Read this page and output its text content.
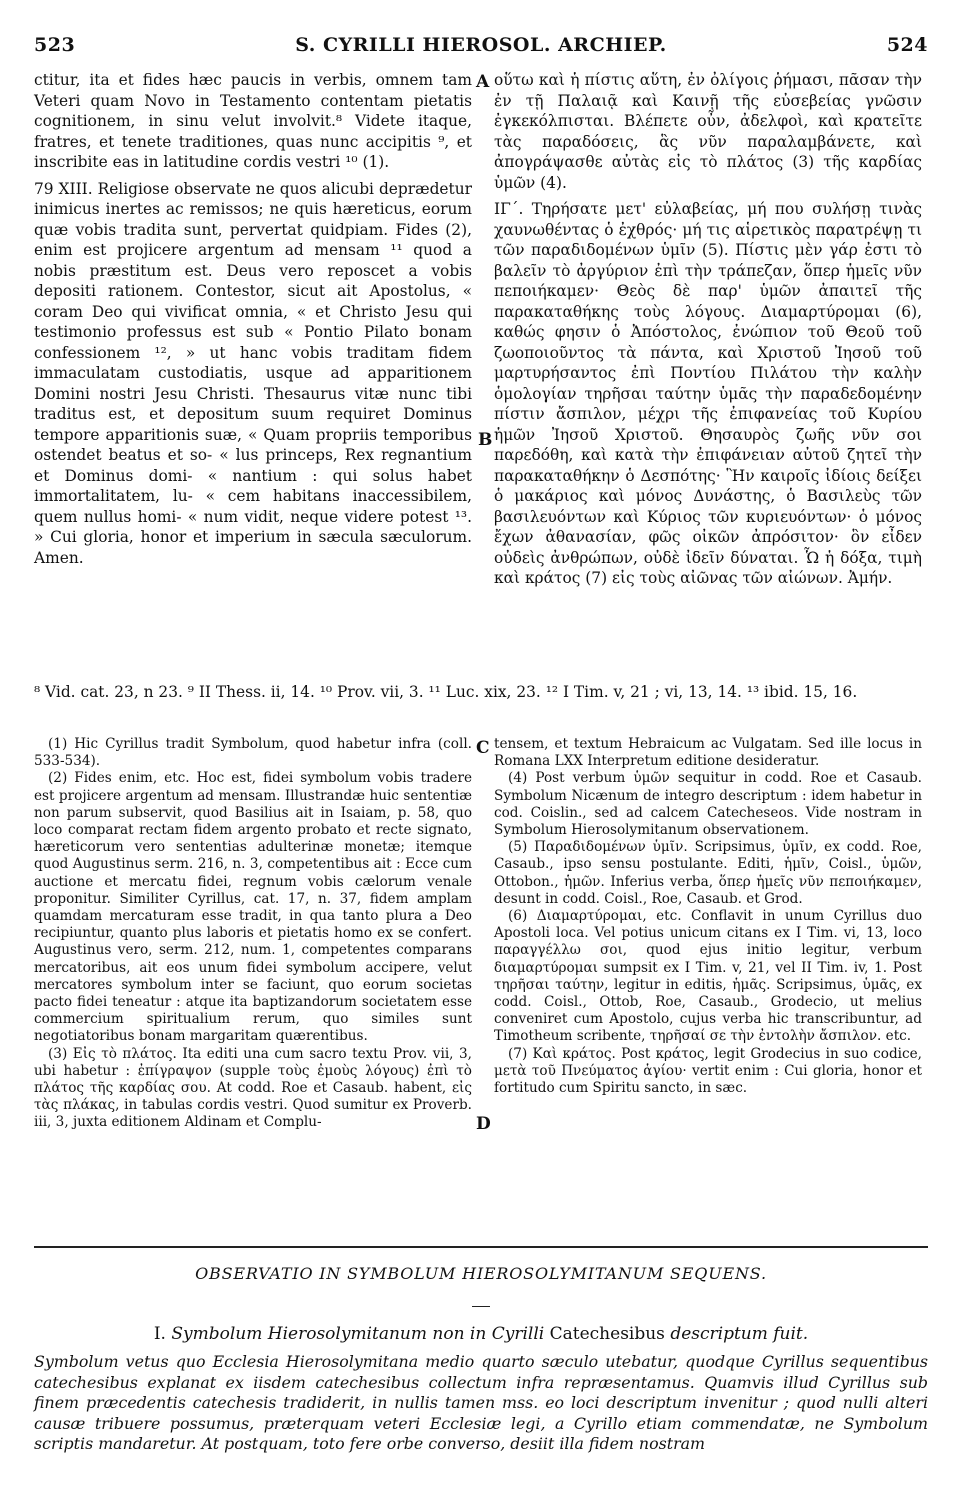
523	S. CYRILLI HIEROSOL. ARCHIEP.	524

ctitur, ita et fides hæc paucis in verbis, omnem tam Veteri quam Novo in Testamento contentam pietatis cognitionem, in sinu velut involvit.⁸ Videte itaque, fratres, et tenete traditiones, quas nunc accipitis ⁹, et inscribite eas in latitudine cordis vestri ¹⁰ (1).

79 XIII. Religiose observate ne quos alicubi deprædetur inimicus inertes ac remissos; ne quis hæreticus, eorum quæ vobis tradita sunt, pervertat quidpiam. Fides (2), enim est projicere argentum ad mensam ¹¹ quod a nobis præstitum est. Deus vero reposcet a vobis depositi rationem. Contestor, sicut ait Apostolus, « coram Deo qui vivificat omnia, « et Christo Jesu qui testimonio professus est sub « Pontio Pilato bonam confessionem ¹², » ut hanc vobis traditam fidem immaculatam custodiatis, usque ad apparitionem Domini nostri Jesu Christi. Thesaurus vitæ nunc tibi traditus est, et depositum suum requiret Dominus tempore apparitionis suæ, « Quam propriis temporibus ostendet beatus et so- « lus princeps, Rex regnantium et Dominus domi- « nantium : qui solus habet immortalitatem, lu- « cem habitans inaccessibilem, quem nullus homi- « num vidit, neque videre potest ¹³. » Cui gloria, honor et imperium in sæcula sæculorum. Amen.

οὕτω καὶ ἡ πίστις αὕτη, ἐν ὀλίγοις ῥήμασι, πᾶσαν τὴν ἐν τῇ Παλαιᾷ καὶ Καινῇ τῆς εὐσεβείας γνῶσιν ἐγκεκόλπισται. Βλέπετε οὖν, ἀδελφοὶ, καὶ κρατεῖτε τὰς παραδόσεις, ἃς νῦν παραλαμβάνετε, καὶ ἀπογράψασθε αὐτὰς εἰς τὸ πλάτος (3) τῆς καρδίας ὑμῶν (4).

ΙΓ΄. Τηρήσατε μετ' εὐλαβείας, μή που συλήσῃ τινὰς χαυνωθέντας ὁ ἐχθρός· μή τις αἱρετικὸς παρατρέψῃ τι τῶν παραδιδομένων ὑμῖν (5). Πίστις μὲν γάρ ἐστι τὸ βαλεῖν τὸ ἀργύριον ἐπὶ τὴν τράπεζαν, ὅπερ ἡμεῖς νῦν πεποιήκαμεν· Θεὸς δὲ παρ' ὑμῶν ἀπαιτεῖ τῆς παρακαταθήκης τοὺς λόγους. Διαμαρτύρομαι (6), καθώς φησιν ὁ Ἀπόστολος, ἐνώπιον τοῦ Θεοῦ τοῦ ζωοποιοῦντος τὰ πάντα, καὶ Χριστοῦ Ἰησοῦ τοῦ μαρτυρήσαντος ἐπὶ Ποντίου Πιλάτου τὴν καλὴν ὁμολογίαν τηρῆσαι ταύτην ὑμᾶς τὴν παραδεδομένην πίστιν ἄσπιλον, μέχρι τῆς ἐπιφανείας τοῦ Κυρίου ἡμῶν Ἰησοῦ Χριστοῦ. Θησαυρὸς ζωῆς νῦν σοι παρεδόθη, καὶ κατὰ τὴν ἐπιφάνειαν αὐτοῦ ζητεῖ τὴν παρακαταθήκην ὁ Δεσπότης· Ἣν καιροῖς ἰδίοις δείξει ὁ μακάριος καὶ μόνος Δυνάστης, ὁ Βασιλεὺς τῶν βασιλευόντων καὶ Κύριος τῶν κυριευόντων· ὁ μόνος ἔχων ἀθανασίαν, φῶς οἰκῶν ἀπρόσιτον· ὃν εἶδεν οὐδεὶς ἀνθρώπων, οὐδὲ ἰδεῖν δύναται. Ὧ ἡ δόξα, τιμὴ καὶ κράτος (7) εἰς τοὺς αἰῶνας τῶν αἰώνων. Ἀμήν.

A
B
C
D

⁸ Vid. cat. 23, n 23. ⁹ II Thess. ii, 14. ¹⁰ Prov. vii, 3. ¹¹ Luc. xix, 23. ¹² I Tim. v, 21 ; vi, 13, 14. ¹³ ibid. 15, 16.

(1) Hic Cyrillus tradit Symbolum, quod habetur infra (coll. 533-534).

(2) Fides enim, etc. Hoc est, fidei symbolum vobis tradere est projicere argentum ad mensam. Illustrandæ huic sententiæ non parum subservit, quod Basilius ait in Isaiam, p. 58, quo loco comparat rectam fidem argento probato et recte signato, hæreticorum vero sententias adulterinæ monetæ; itemque quod Augustinus serm. 216, n. 3, competentibus ait : Ecce cum auctione et mercatu fidei, regnum vobis cælorum venale proponitur. Similiter Cyrillus, cat. 17, n. 37, fidem amplam quamdam mercaturam esse tradit, in qua tanto plura a Deo recipiuntur, quanto plus laboris et pietatis homo ex se confert. Augustinus vero, serm. 212, num. 1, competentes comparans mercatoribus, ait eos unum fidei symbolum accipere, velut mercatores symbolum inter se faciunt, quo eorum societas pacto fidei teneatur : atque ita baptizandorum societatem esse commercium spiritualium rerum, quo similes sunt negotiatoribus bonam margaritam quærentibus.

(3) Εἰς τὸ πλάτος. Ita editi una cum sacro textu Prov. vii, 3, ubi habetur : ἐπίγραψον (supple τοὺς ἐμοὺς λόγους) ἐπὶ τὸ πλάτος τῆς καρδίας σου. At codd. Roe et Casaub. habent, εἰς τὰς πλάκας, in tabulas cordis vestri. Quod sumitur ex Proverb. iii, 3, juxta editionem Aldinam et Complu-

tensem, et textum Hebraicum ac Vulgatam. Sed ille locus in Romana LXX Interpretum editione desideratur.

(4) Post verbum ὑμῶν sequitur in codd. Roe et Casaub. Symbolum Nicænum de integro descriptum : idem habetur in cod. Coislin., sed ad calcem Catecheseos. Vide nostram in Symbolum Hierosolymitanum observationem.

(5) Παραδιδομένων ὑμῖν. Scripsimus, ὑμῖν, ex codd. Roe, Casaub., ipso sensu postulante. Editi, ἡμῖν, Coisl., ὑμῶν, Ottobon., ἡμῶν. Inferius verba, ὅπερ ἡμεῖς νῦν πεποιήκαμεν, desunt in codd. Coisl., Roe, Casaub. et Grod.

(6) Διαμαρτύρομαι, etc. Conflavit in unum Cyrillus duo Apostoli loca. Vel potius unicum citans ex I Tim. vi, 13, loco παραγγέλλω σοι, quod ejus initio legitur, verbum διαμαρτύρομαι sumpsit ex I Tim. v, 21, vel II Tim. iv, 1. Post τηρῆσαι ταύτην, legitur in editis, ἡμᾶς. Scripsimus, ὑμᾶς, ex codd. Coisl., Ottob, Roe, Casaub., Grodecio, ut melius conveniret cum Apostolo, cujus verba hic transcribuntur, ad Timotheum scribente, τηρῆσαί σε τὴν ἐντολὴν ἄσπιλον. etc.

(7) Καὶ κράτος. Post κράτος, legit Grodecius in suo codice, μετὰ τοῦ Πνεύματος ἁγίου· vertit enim : Cui gloria, honor et fortitudo cum Spiritu sancto, in sæc.

OBSERVATIO IN SYMBOLUM HIEROSOLYMITANUM SEQUENS.
I. Symbolum Hierosolymitanum non in Cyrilli Catechesibus descriptum fuit.

Symbolum vetus quo Ecclesia Hierosolymitana medio quarto sæculo utebatur, quodque Cyrillus sequentibus catechesibus explanat ex iisdem catechesibus collectum infra repræsentamus. Quamvis illud Cyrillus sub finem præcedentis catechesis tradiderit, in nullis tamen mss. eo loci descriptum invenitur ; quod nulli alteri causæ tribuere possumus, præterquam veteri Ecclesiæ legi, a Cyrillo etiam commendatæ, ne Symbolum scriptis mandaretur. At postquam, toto fere orbe converso, desiit illa fidem nostram
